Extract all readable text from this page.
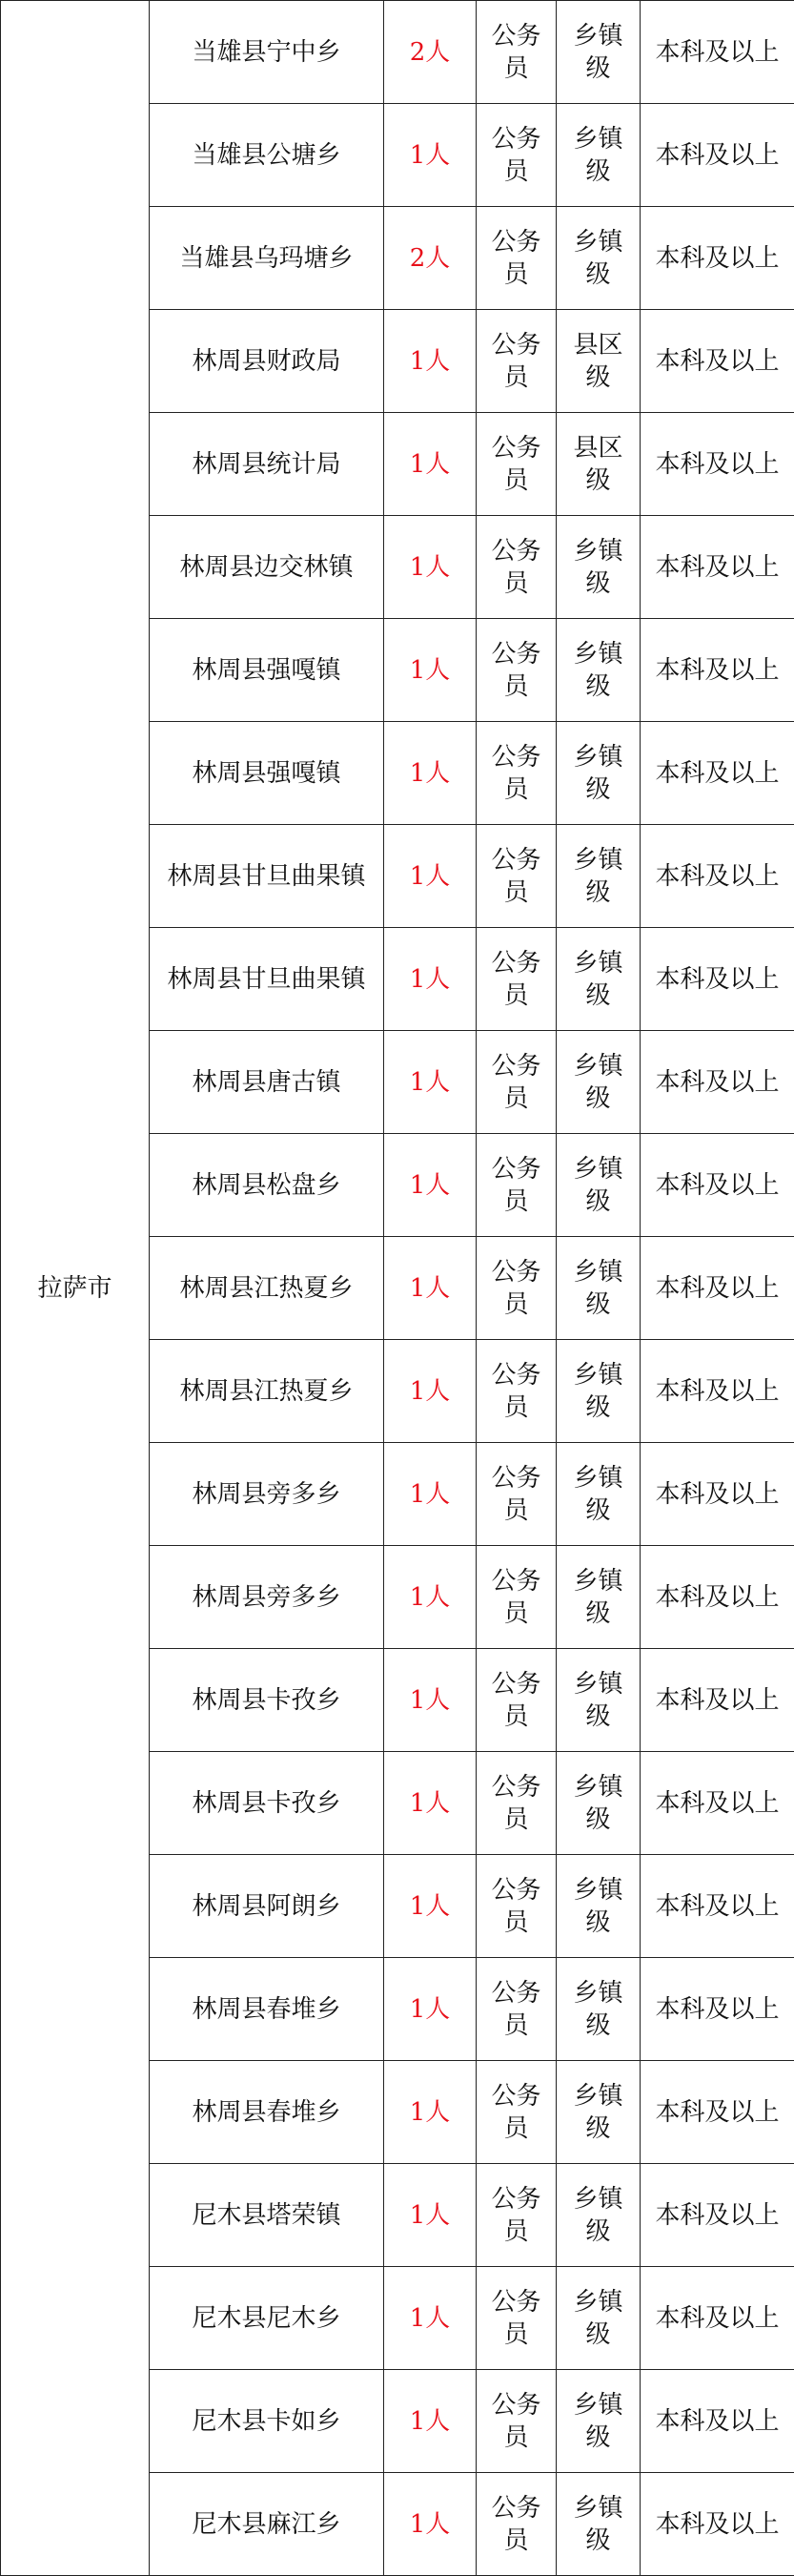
拉萨市	当雄县宁中乡	2人	公务员	乡镇级	本科及以上
	当雄县公塘乡	1人	公务员	乡镇级	本科及以上
	当雄县乌玛塘乡	2人	公务员	乡镇级	本科及以上
	林周县财政局	1人	公务员	县区级	本科及以上
	林周县统计局	1人	公务员	县区级	本科及以上
	林周县边交林镇	1人	公务员	乡镇级	本科及以上
	林周县强嘎镇	1人	公务员	乡镇级	本科及以上
	林周县强嘎镇	1人	公务员	乡镇级	本科及以上
	林周县甘旦曲果镇	1人	公务员	乡镇级	本科及以上
	林周县甘旦曲果镇	1人	公务员	乡镇级	本科及以上
	林周县唐古镇	1人	公务员	乡镇级	本科及以上
	林周县松盘乡	1人	公务员	乡镇级	本科及以上
	林周县江热夏乡	1人	公务员	乡镇级	本科及以上
	林周县江热夏乡	1人	公务员	乡镇级	本科及以上
	林周县旁多乡	1人	公务员	乡镇级	本科及以上
	林周县旁多乡	1人	公务员	乡镇级	本科及以上
	林周县卡孜乡	1人	公务员	乡镇级	本科及以上
	林周县卡孜乡	1人	公务员	乡镇级	本科及以上
	林周县阿朗乡	1人	公务员	乡镇级	本科及以上
	林周县春堆乡	1人	公务员	乡镇级	本科及以上
	林周县春堆乡	1人	公务员	乡镇级	本科及以上
	尼木县塔荣镇	1人	公务员	乡镇级	本科及以上
	尼木县尼木乡	1人	公务员	乡镇级	本科及以上
	尼木县卡如乡	1人	公务员	乡镇级	本科及以上
	尼木县麻江乡	1人	公务员	乡镇级	本科及以上
